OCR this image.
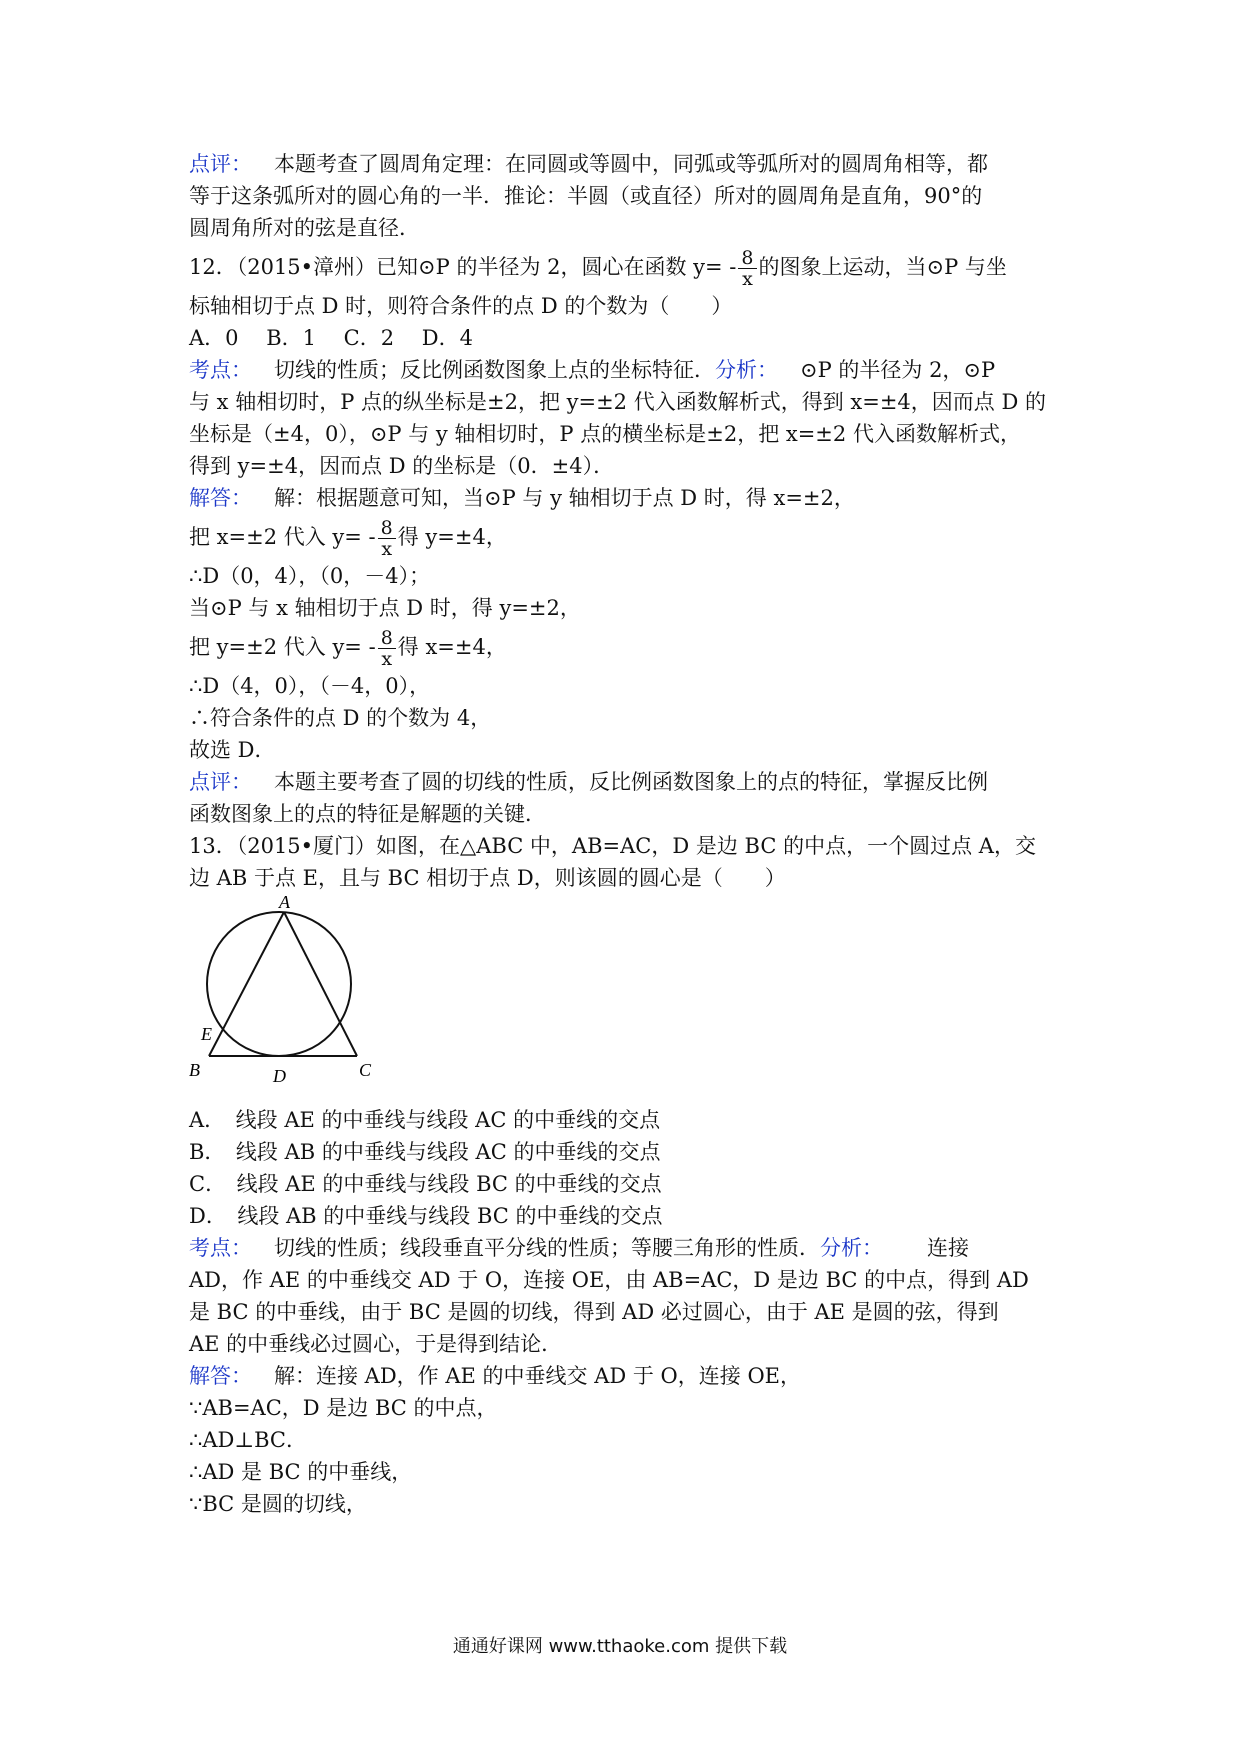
点评： 本题考查了圆周角定理：在同圆或等圆中，同弧或等弧所对的圆周角相等，都
等于这条弧所对的圆心角的一半．推论：半圆（或直径）所对的圆周角是直角，90°的
圆周角所对的弦是直径．
12．（2015•漳州）已知⊙P 的半径为 2，圆心在函数 $y= - \frac{8}{x}$ 的图象上运动，当⊙P 与坐
标轴相切于点 D 时，则符合条件的点 D 的个数为（　　）
A．0　 B．1　 C．2　 D．4
考点： 切线的性质；反比例函数图象上点的坐标特征．分析： ⊙P 的半径为 2，⊙P
与 x 轴相切时，P 点的纵坐标是±2，把 y=±2 代入函数解析式，得到 x=±4，因而点 D 的
坐标是（±4，0），⊙P 与 y 轴相切时，P 点的横坐标是±2，把 x=±2 代入函数解析式，
得到 y=±4，因而点 D 的坐标是（0．±4）．
解答： 解：根据题意可知，当⊙P 与 y 轴相切于点 D 时，得 x=±2，
把 x=±2 代入 $y= - \frac{8}{x}$ 得 y=±4，
∴D（0，4），（0，－4）；
当⊙P 与 x 轴相切于点 D 时，得 y=±2，
把 y=±2 代入 $y= - \frac{8}{x}$ 得 x=±4，
∴D（4，0），（－4，0），
∴符合条件的点 D 的个数为 4，
故选 D．
点评： 本题主要考查了圆的切线的性质，反比例函数图象上的点的特征，掌握反比例
函数图象上的点的特征是解题的关键．
13．（2015•厦门）如图，在△ABC 中，AB=AC，D 是边 BC 的中点，一个圆过点 A，交
边 AB 于点 E，且与 BC 相切于点 D，则该圆的圆心是（　　）
A
E
B	D	C
A．　线段 AE 的中垂线与线段 AC 的中垂线的交点
B．　线段 AB 的中垂线与线段 AC 的中垂线的交点
C．　线段 AE 的中垂线与线段 BC 的中垂线的交点
D．　线段 AB 的中垂线与线段 BC 的中垂线的交点
考点： 切线的性质；线段垂直平分线的性质；等腰三角形的性质．分析： 连接
AD，作 AE 的中垂线交 AD 于 O，连接 OE，由 AB=AC，D 是边 BC 的中点，得到 AD
是 BC 的中垂线，由于 BC 是圆的切线，得到 AD 必过圆心，由于 AE 是圆的弦，得到
AE 的中垂线必过圆心，于是得到结论．
解答： 解：连接 AD，作 AE 的中垂线交 AD 于 O，连接 OE，
∵AB=AC，D 是边 BC 的中点，
∴AD⊥BC．
∴AD 是 BC 的中垂线，
∵BC 是圆的切线，
通通好课网 www.tthaoke.com 提供下载
